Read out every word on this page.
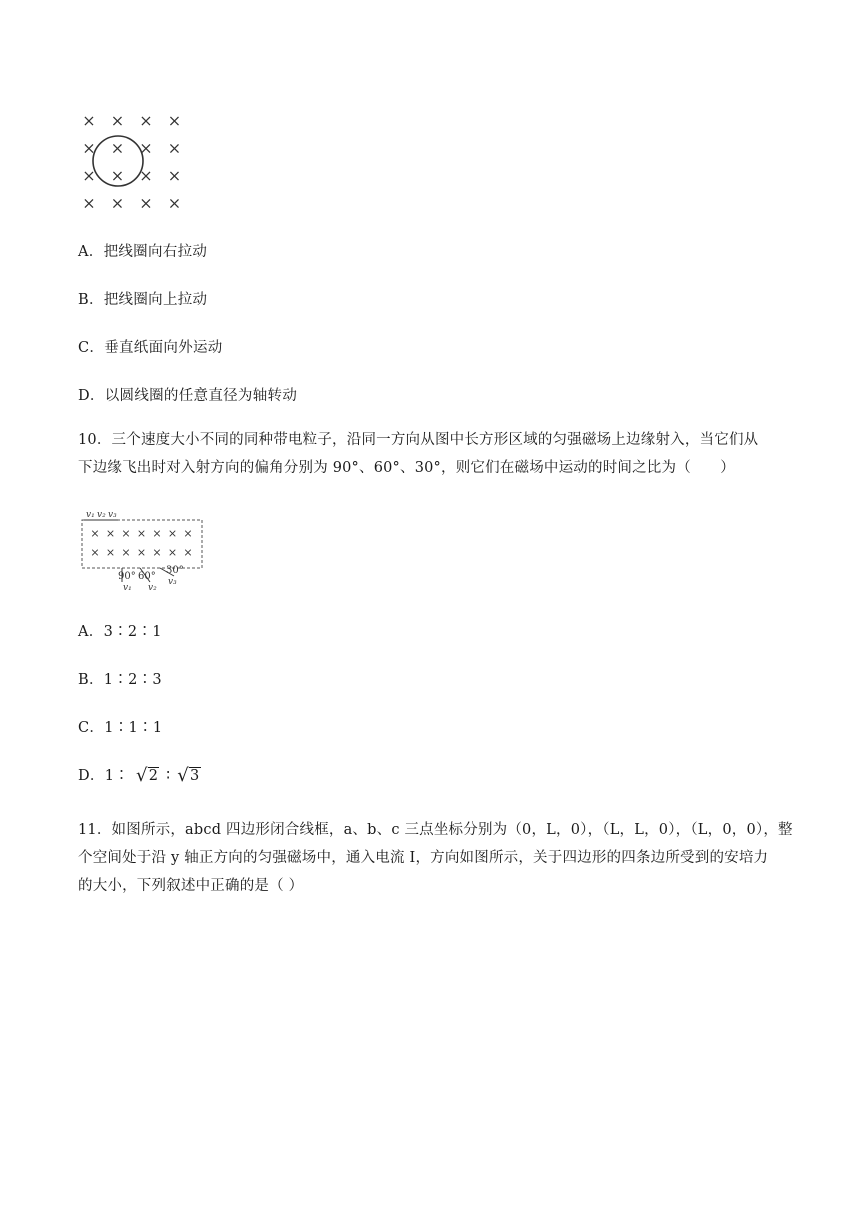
× × × ×
× × × ×
× × × ×
× × × ×
A．把线圈向右拉动
B．把线圈向上拉动
C．垂直纸面向外运动
D．以圆线圈的任意直径为轴转动
10．三个速度大小不同的同种带电粒子，沿同一方向从图中长方形区域的匀强磁场上边缘射入，当它们从
下边缘飞出时对入射方向的偏角分别为 90°、60°、30°，则它们在磁场中运动的时间之比为（　　）
v₁ v₂ v₃
× × × × × × ×
× × × × × × ×
90° 60°
30°
v₁ v₂
v₃
A．3∶2∶1
B．1∶2∶3
C．1∶1∶1
D．1∶ √2 ∶ √3
11．如图所示，abcd 四边形闭合线框，a、b、c 三点坐标分别为（0，L，0），（L，L，0），（L，0，0），整
个空间处于沿 y 轴正方向的匀强磁场中，通入电流 I，方向如图所示，关于四边形的四条边所受到的安培力
的大小，下列叙述中正确的是（ ）
